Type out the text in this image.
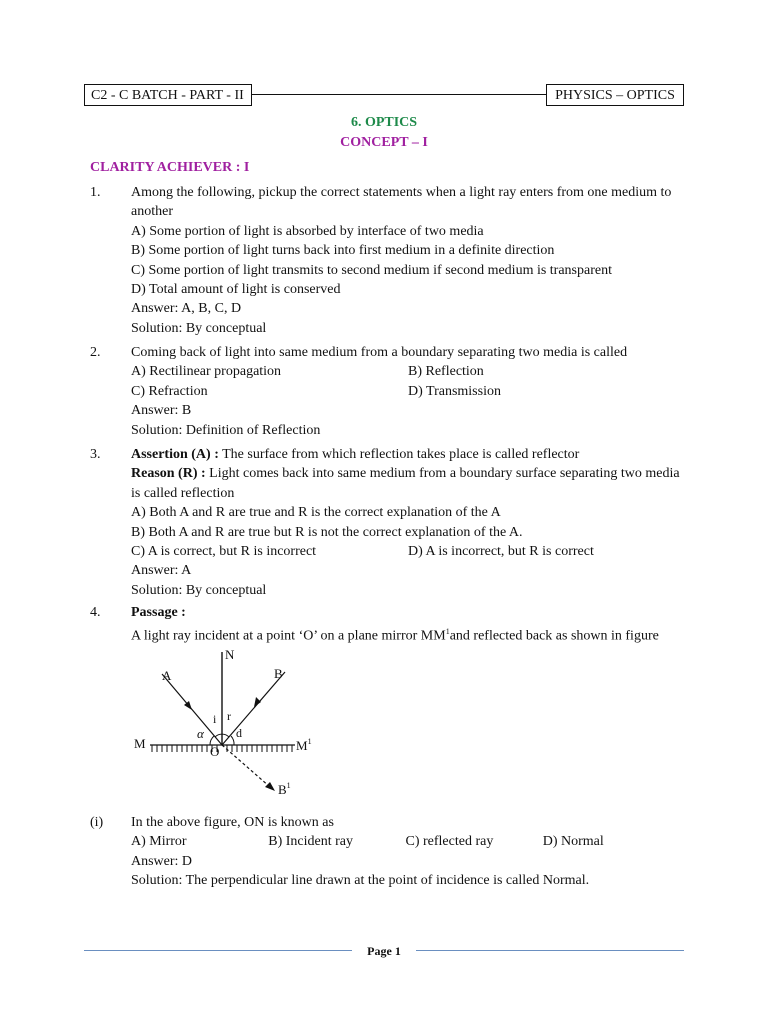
C2 - C BATCH - PART - II	PHYSICS – OPTICS
6. OPTICS
CONCEPT – I
CLARITY ACHIEVER : I
1. Among the following, pickup the correct statements when a light ray enters from one medium to another
A) Some portion of light is absorbed by interface of two media
B) Some portion of light turns back into first medium in a definite direction
C) Some portion of light transmits to second medium if second medium is transparent
D) Total amount of light is conserved
Answer: A, B, C, D
Solution: By conceptual
2. Coming back of light into same medium from a boundary separating two media is called
A) Rectilinear propagation	B) Reflection
C) Refraction	D) Transmission
Answer: B
Solution: Definition of Reflection
3. Assertion (A) : The surface from which reflection takes place is called reflector
Reason (R) : Light comes back into same medium from a boundary surface separating two media is called reflection
A) Both A and R are true and R is the correct explanation of the A
B) Both A and R are true but R is not the correct explanation of the A.
C) A is correct, but R is incorrect	D) A is incorrect, but R is correct
Answer: A
Solution: By conceptual
4. Passage :
A light ray incident at a point ‘O’ on a plane mirror $MM^1and$ reflected back as shown in figure
N
A	B
i r
α	d
M	$M^1$
O
$B^1$
(i) In the above figure, ON is known as
A) Mirror	B) Incident ray	C) reflected ray	D) Normal
Answer: D
Solution: The perpendicular line drawn at the point of incidence is called Normal.
Page 1
